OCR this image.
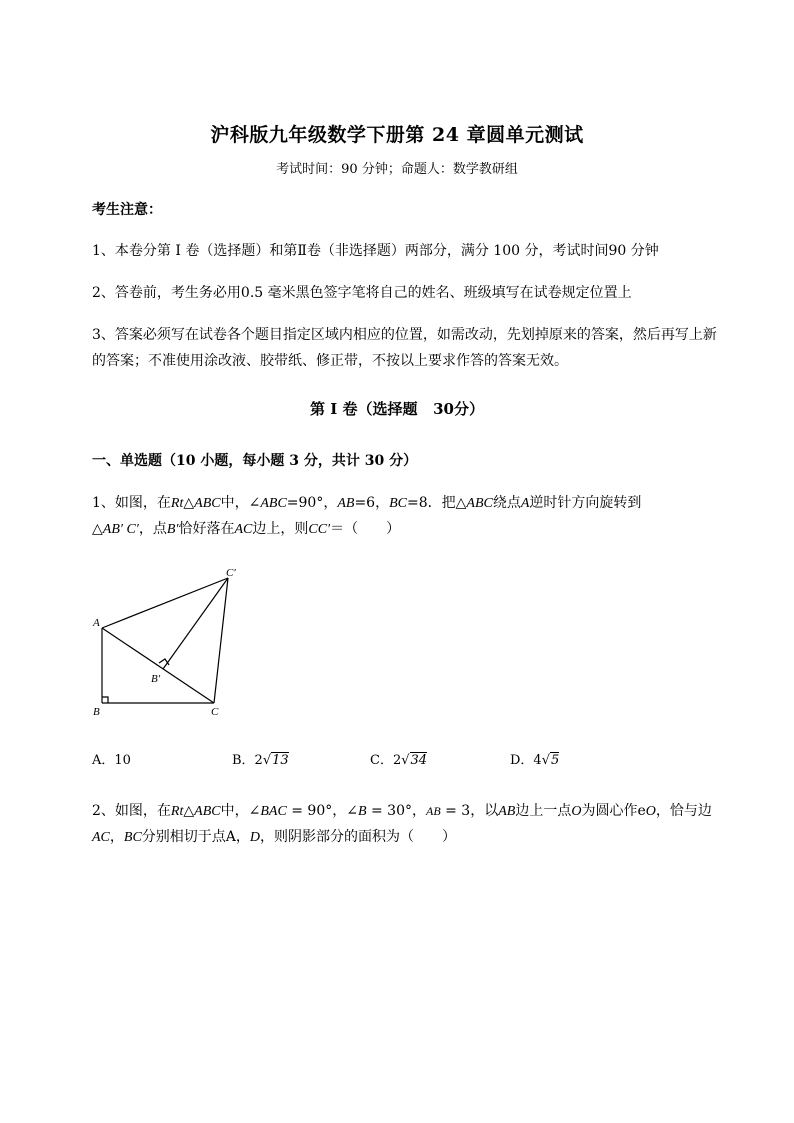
沪科版九年级数学下册第 24 章圆单元测试
考试时间：90 分钟；命题人：数学教研组
考生注意：
1、本卷分第 I 卷（选择题）和第Ⅱ卷（非选择题）两部分，满分 100 分，考试时间90 分钟
2、答卷前，考生务必用0.5 毫米黑色签字笔将自己的姓名、班级填写在试卷规定位置上
3、答案必须写在试卷各个题目指定区域内相应的位置，如需改动，先划掉原来的答案，然后再写上新
的答案；不准使用涂改液、胶带纸、修正带，不按以上要求作答的答案无效。
第 I 卷（选择题   30分）
一、单选题（10 小题，每小题 3 分，共计 30 分）
1、如图，在Rt△ABC中，∠ABC=90°，AB=6，BC=8．把△ABC绕点A逆时针方向旋转到
△AB′ C′，点B′恰好落在AC边上，则CC′＝（　　）
A
B	C
C′
B′
A．10	B．2√13	C．2√34	D．4√5
2、如图，在Rt△ABC中，∠BAC = 90°，∠B = 30°，AB = 3，以AB边上一点O为圆心作eO，恰与边
AC，BC分别相切于点A，D，则阴影部分的面积为（　　）
